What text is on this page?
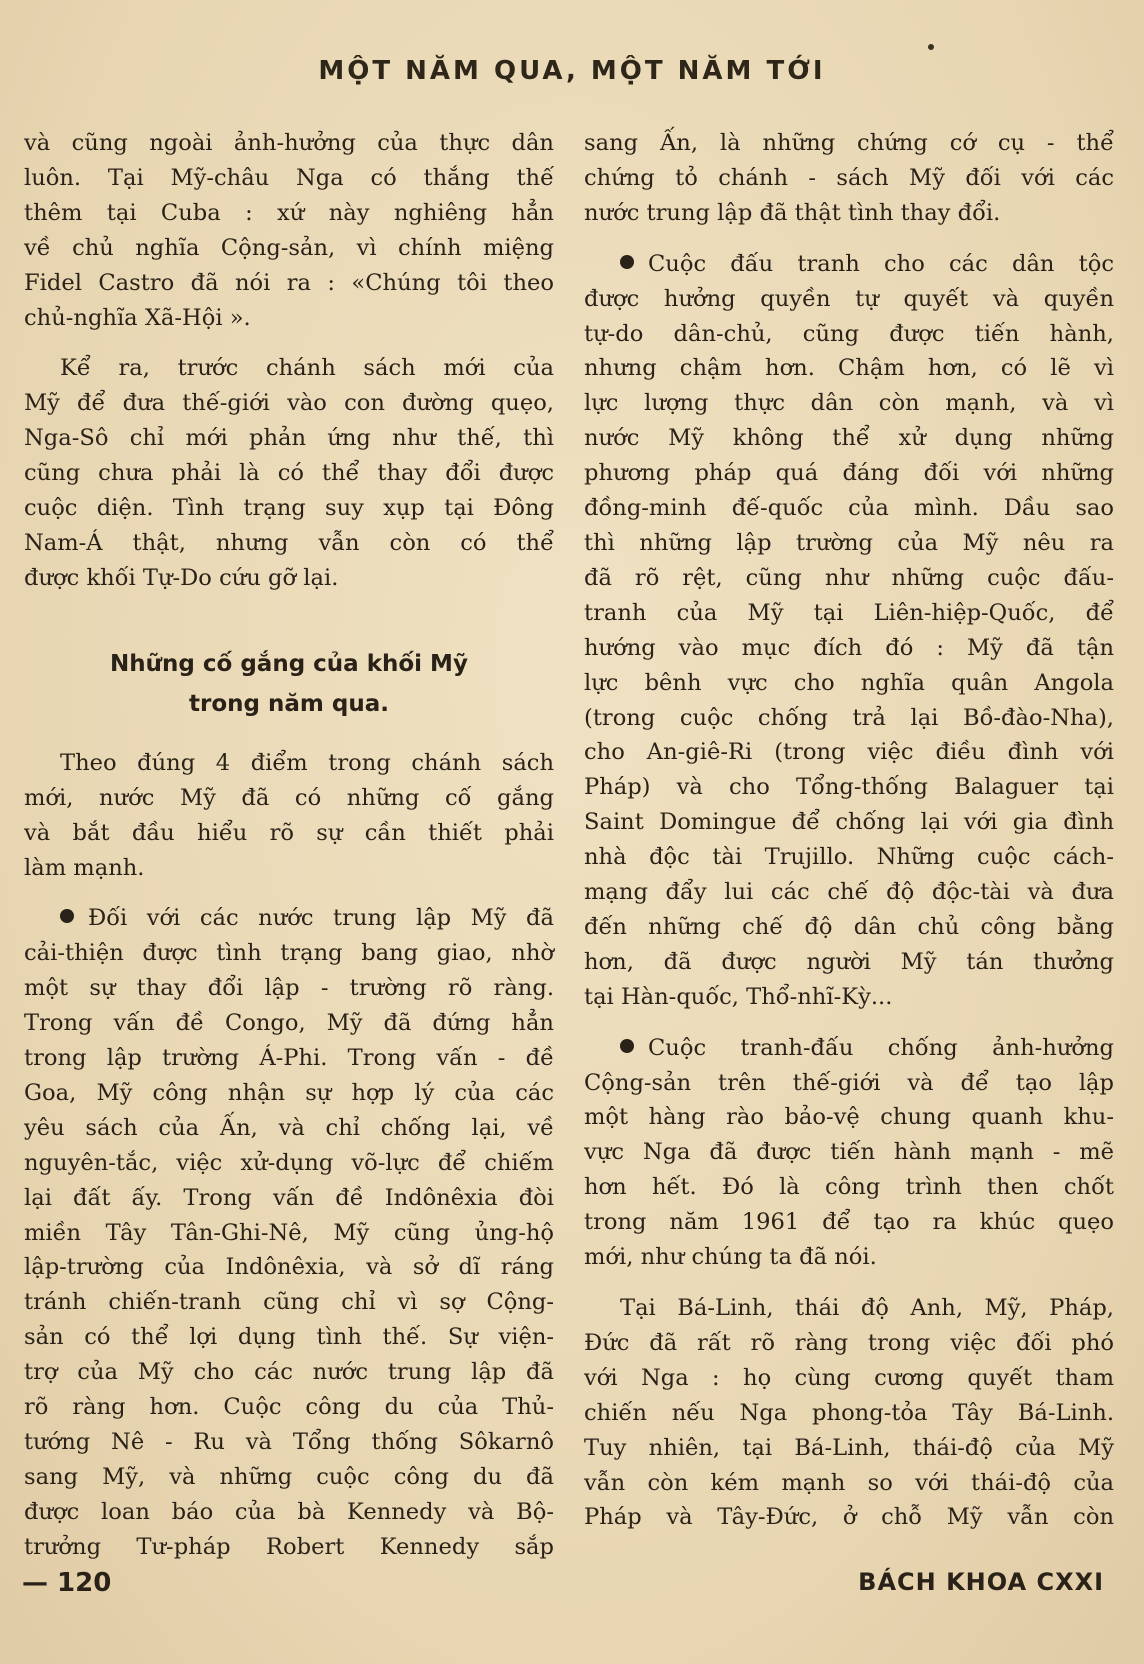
MỘT NĂM QUA, MỘT NĂM TỚI
và cũng ngoài ảnh-hưởng của thực dân
luôn. Tại Mỹ-châu Nga có thắng thế
thêm tại Cuba : xứ này nghiêng hẳn
về chủ nghĩa Cộng-sản, vì chính miệng
Fidel Castro đã nói ra : «Chúng tôi theo
chủ-nghĩa Xã-Hội ».
Kể ra, trước chánh sách mới của
Mỹ để đưa thế-giới vào con đường quẹo,
Nga-Sô chỉ mới phản ứng như thế, thì
cũng chưa phải là có thể thay đổi được
cuộc diện. Tình trạng suy xụp tại Đông
Nam-Á thật, nhưng vẫn còn có thể
được khối Tự-Do cứu gỡ lại.
Những cố gắng của khối Mỹ
trong năm qua.
Theo đúng 4 điểm trong chánh sách
mới, nước Mỹ đã có những cố gắng
và bắt đầu hiểu rõ sự cần thiết phải
làm mạnh.
Đối với các nước trung lập Mỹ đã
cải-thiện được tình trạng bang giao, nhờ
một sự thay đổi lập - trường rõ ràng.
Trong vấn đề Congo, Mỹ đã đứng hẳn
trong lập trường Á-Phi. Trong vấn - đề
Goa, Mỹ công nhận sự hợp lý của các
yêu sách của Ấn, và chỉ chống lại, về
nguyên-tắc, việc xử-dụng võ-lực để chiếm
lại đất ấy. Trong vấn đề Indônêxia đòi
miền Tây Tân-Ghi-Nê, Mỹ cũng ủng-hộ
lập-trường của Indônêxia, và sở dĩ ráng
tránh chiến-tranh cũng chỉ vì sợ Cộng-
sản có thể lợi dụng tình thế. Sự viện-
trợ của Mỹ cho các nước trung lập đã
rõ ràng hơn. Cuộc công du của Thủ-
tướng Nê - Ru và Tổng thống Sôkarnô
sang Mỹ, và những cuộc công du đã
được loan báo của bà Kennedy và Bộ-
trưởng Tư-pháp Robert Kennedy sắp
sang Ấn, là những chứng cớ cụ - thể
chứng tỏ chánh - sách Mỹ đối với các
nước trung lập đã thật tình thay đổi.
Cuộc đấu tranh cho các dân tộc
được hưởng quyền tự quyết và quyền
tự-do dân-chủ, cũng được tiến hành,
nhưng chậm hơn. Chậm hơn, có lẽ vì
lực lượng thực dân còn mạnh, và vì
nước Mỹ không thể xử dụng những
phương pháp quá đáng đối với những
đồng-minh đế-quốc của mình. Dầu sao
thì những lập trường của Mỹ nêu ra
đã rõ rệt, cũng như những cuộc đấu-
tranh của Mỹ tại Liên-hiệp-Quốc, để
hướng vào mục đích đó : Mỹ đã tận
lực bênh vực cho nghĩa quân Angola
(trong cuộc chống trả lại Bồ-đào-Nha),
cho An-giê-Ri (trong việc điều đình với
Pháp) và cho Tổng-thống Balaguer tại
Saint Domingue để chống lại với gia đình
nhà độc tài Trujillo. Những cuộc cách-
mạng đẩy lui các chế độ độc-tài và đưa
đến những chế độ dân chủ công bằng
hơn, đã được người Mỹ tán thưởng
tại Hàn-quốc, Thổ-nhĩ-Kỳ...
Cuộc tranh-đấu chống ảnh-hưởng
Cộng-sản trên thế-giới và để tạo lập
một hàng rào bảo-vệ chung quanh khu-
vực Nga đã được tiến hành mạnh - mẽ
hơn hết. Đó là công trình then chốt
trong năm 1961 để tạo ra khúc quẹo
mới, như chúng ta đã nói.
Tại Bá-Linh, thái độ Anh, Mỹ, Pháp,
Đức đã rất rõ ràng trong việc đối phó
với Nga : họ cùng cương quyết tham
chiến nếu Nga phong-tỏa Tây Bá-Linh.
Tuy nhiên, tại Bá-Linh, thái-độ của Mỹ
vẫn còn kém mạnh so với thái-độ của
Pháp và Tây-Đức, ở chỗ Mỹ vẫn còn
— 120	BÁCH KHOA CXXI
